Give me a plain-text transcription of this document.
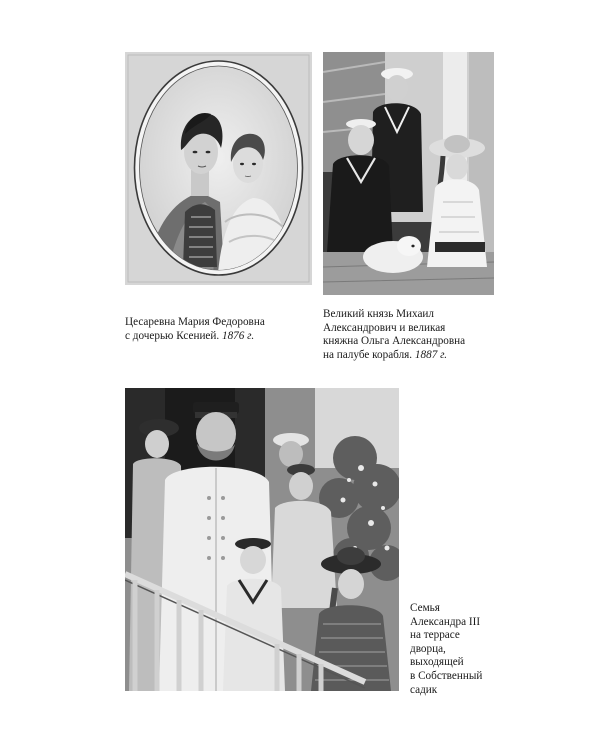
Цесаревна Мария Федоровна
с дочерью Ксенией. 1876 г.

Великий князь Михаил
Александрович и великая
княжна Ольга Александровна
на палубе корабля. 1887 г.

Семья
Александра III
на террасе
дворца,
выходящей
в Собственный
садик
